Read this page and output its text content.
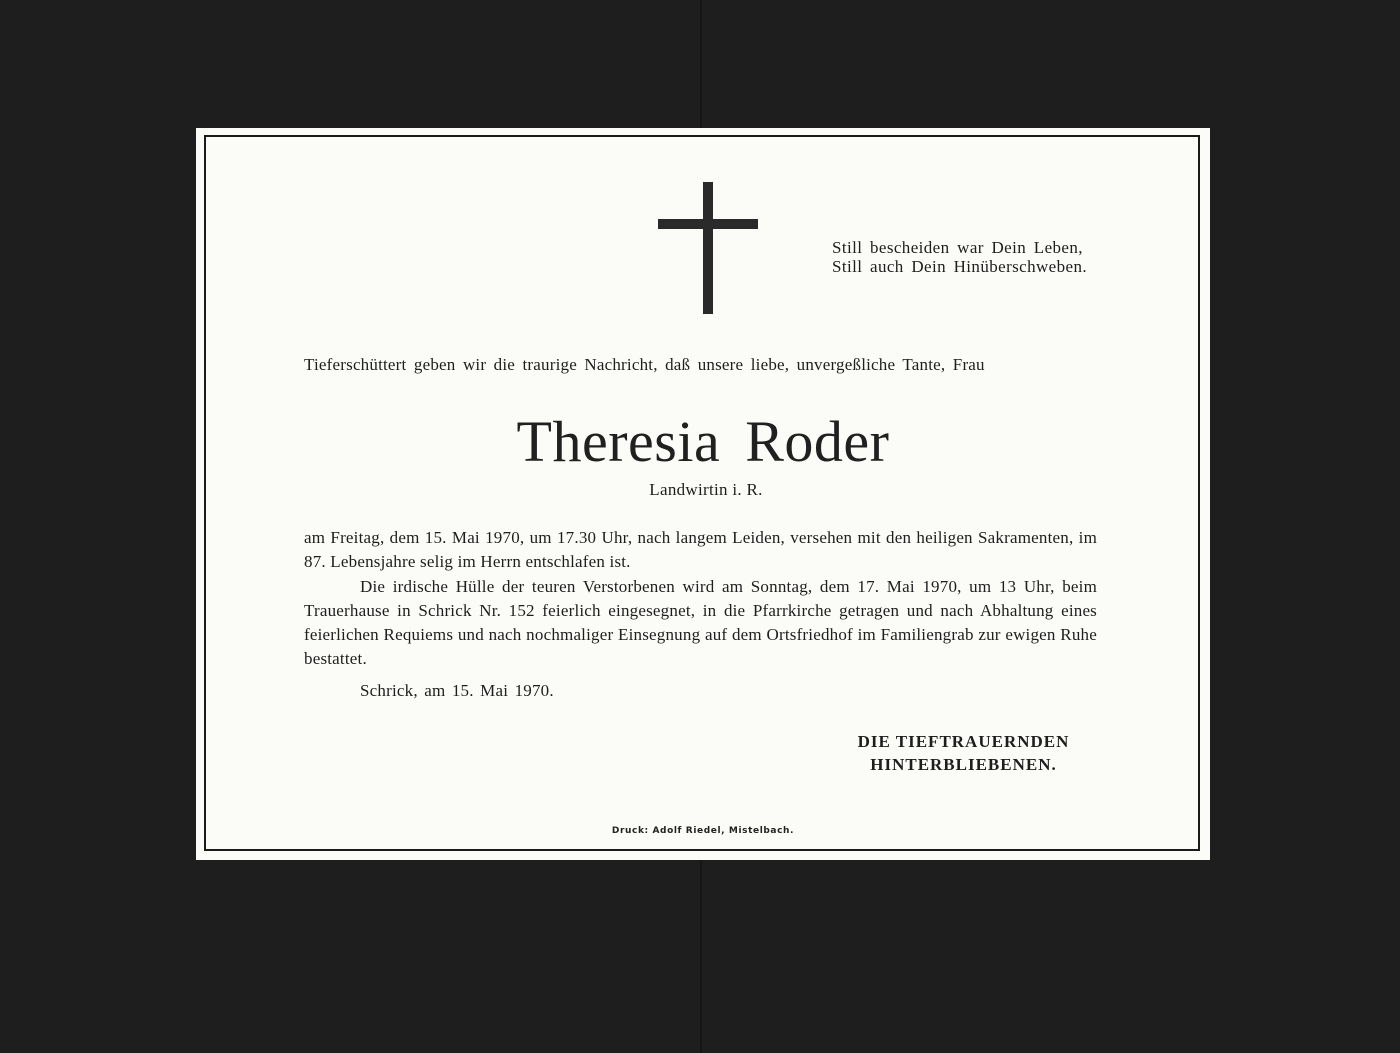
Still bescheiden war Dein Leben,
Still auch Dein Hinüberschweben.
Tieferschüttert geben wir die traurige Nachricht, daß unsere liebe, unvergeßliche Tante, Frau
Theresia Roder
Landwirtin i. R.
am Freitag, dem 15. Mai 1970, um 17.30 Uhr, nach langem Leiden, versehen mit den heiligen Sakramenten, im 87. Lebensjahre selig im Herrn entschlafen ist.
Die irdische Hülle der teuren Verstorbenen wird am Sonntag, dem 17. Mai 1970, um 13 Uhr, beim Trauerhause in Schrick Nr. 152 feierlich eingesegnet, in die Pfarrkirche getragen und nach Abhaltung eines feierlichen Requiems und nach nochmaliger Einsegnung auf dem Ortsfriedhof im Familiengrab zur ewigen Ruhe bestattet.
Schrick, am 15. Mai 1970.
DIE TIEFTRAUERNDEN
HINTERBLIEBENEN.
Druck: Adolf Riedel, Mistelbach.
